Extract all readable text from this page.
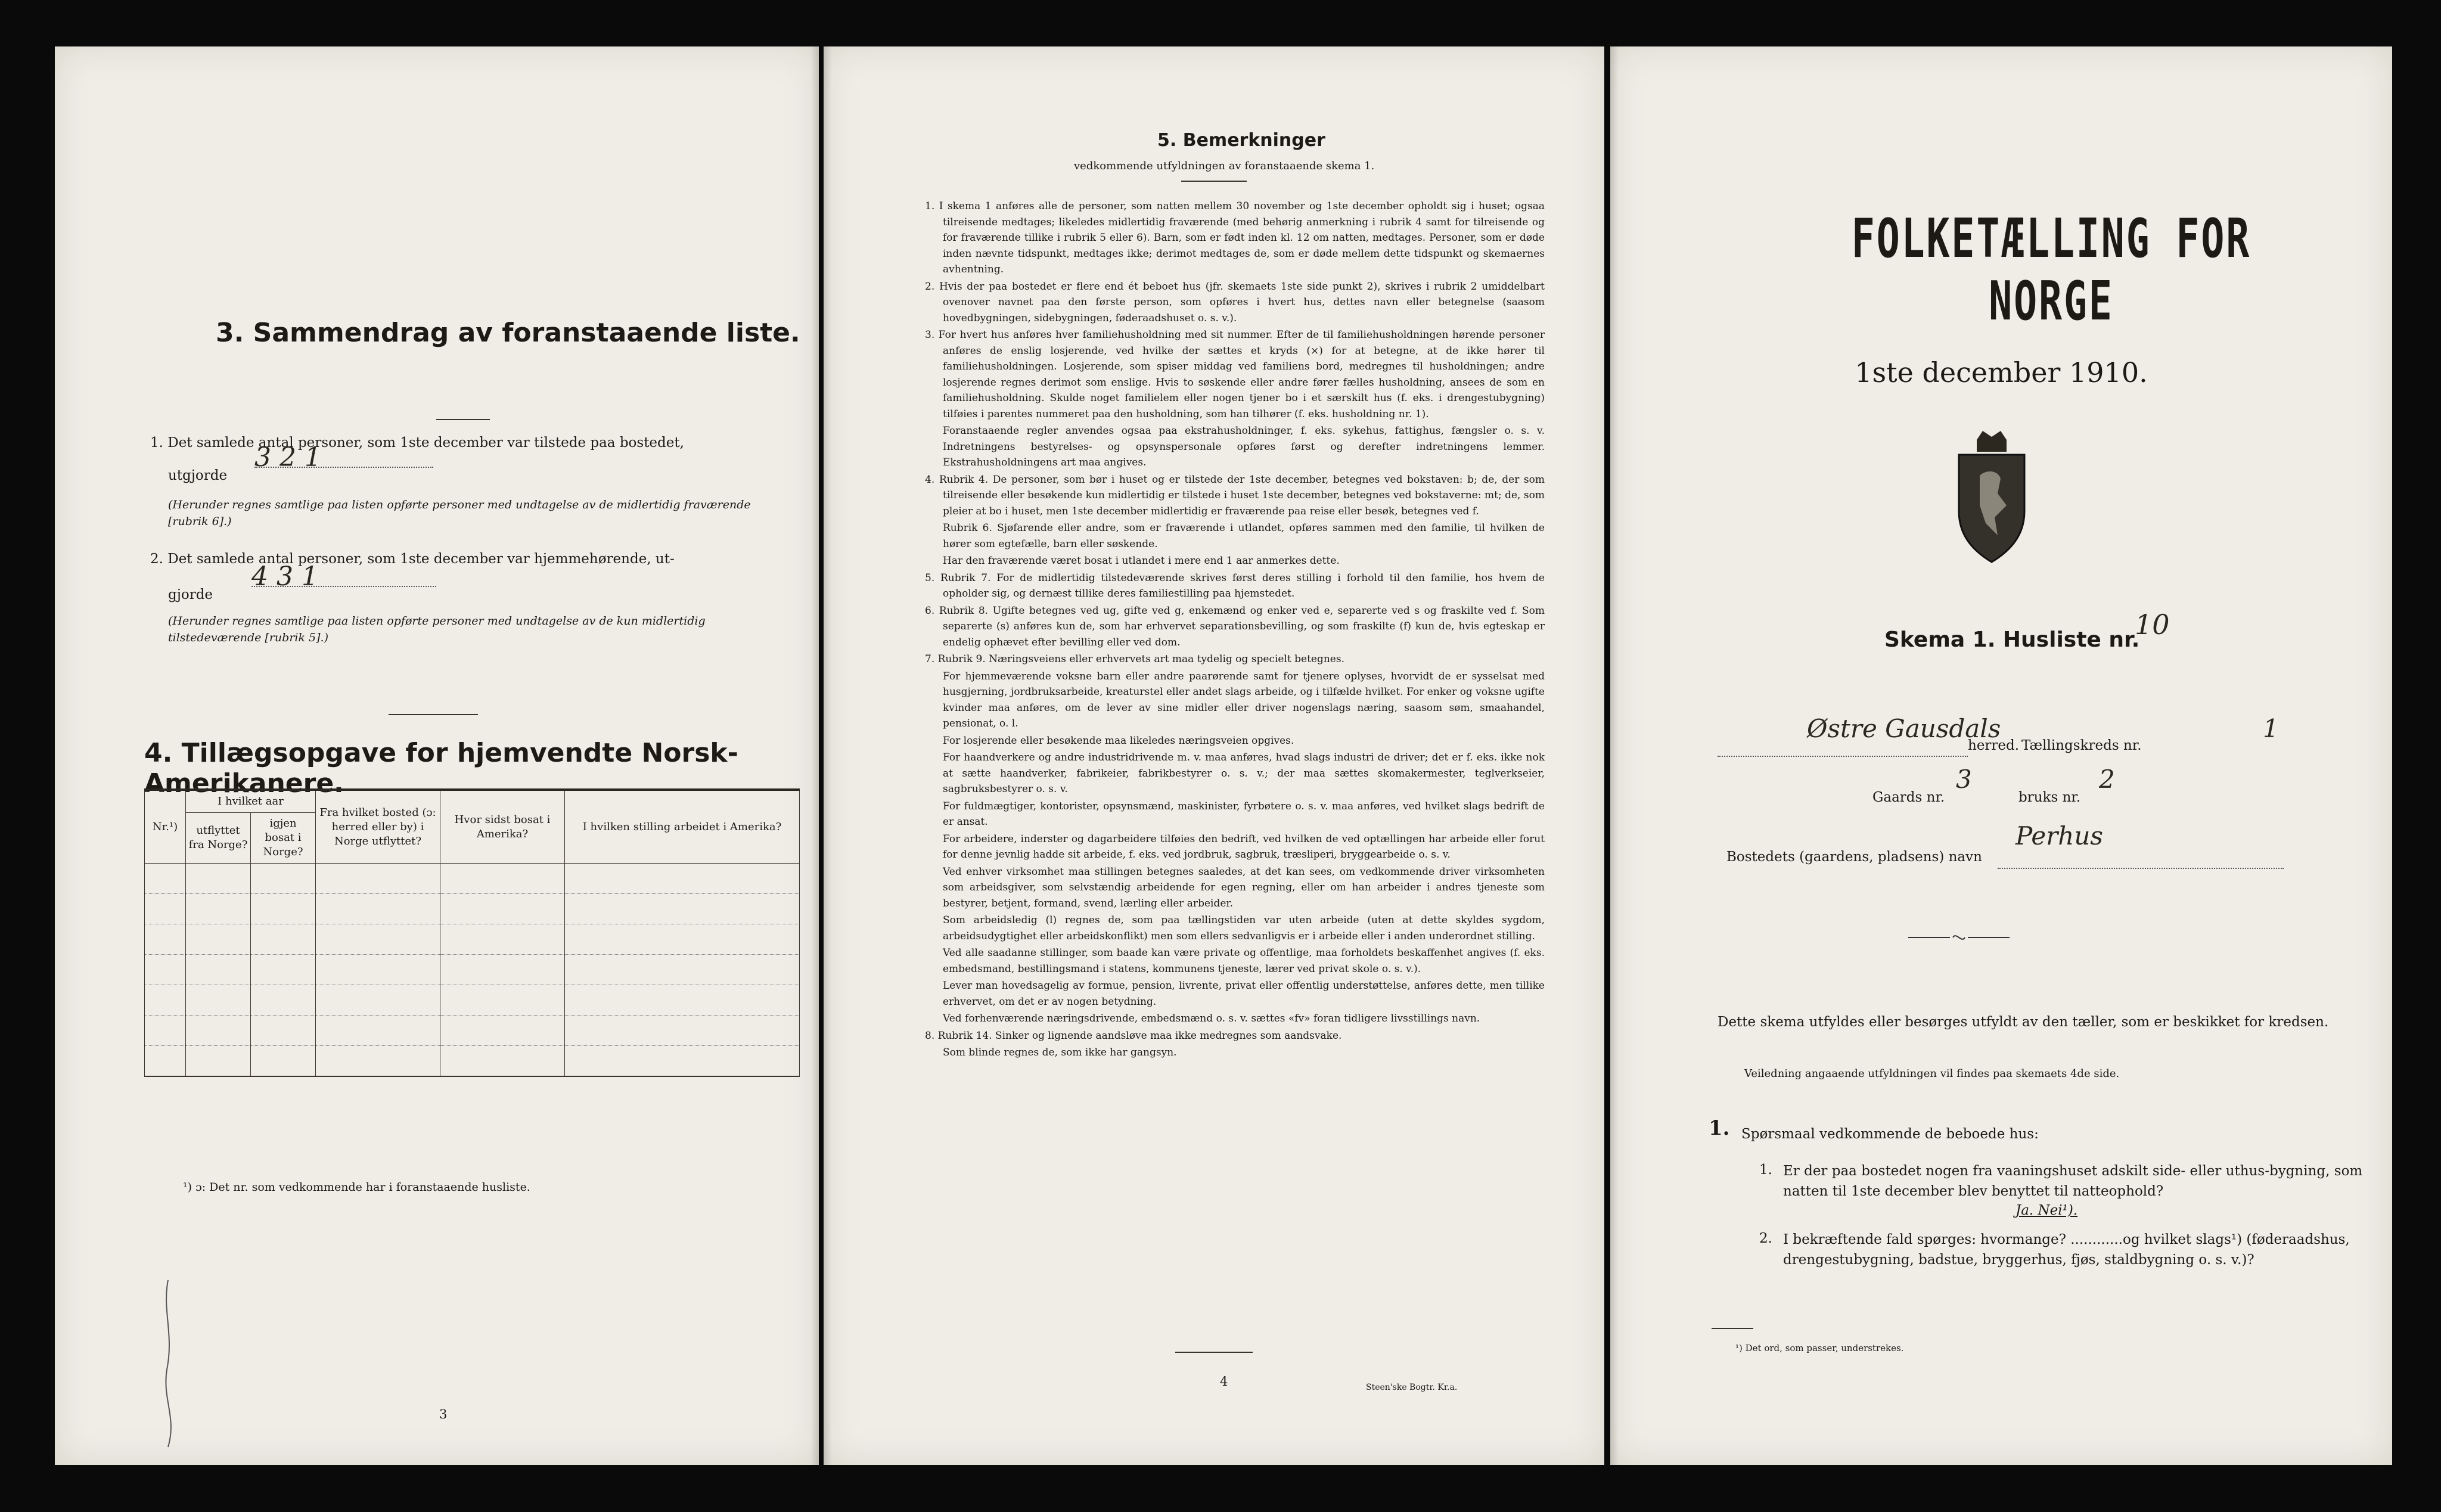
3. Sammendrag av foranstaaende liste.
1. Det samlede antal personer, som 1ste december var tilstede paa bostedet,
utgjorde
3 2 1
(Herunder regnes samtlige paa listen opførte personer med undtagelse av de midlertidig fraværende [rubrik 6].)
2. Det samlede antal personer, som 1ste december var hjemmehørende, ut-
gjorde
4 3 1
(Herunder regnes samtlige paa listen opførte personer med undtagelse av de kun midlertidig tilstedeværende [rubrik 5].)
4. Tillægsopgave for hjemvendte Norsk-Amerikanere.
Nr.¹)	I hvilket aar		Fra hvilket bosted (ɔ: herred eller by) i Norge utflyttet?	Hvor sidst bosat i Amerika?	I hvilken stilling arbeidet i Amerika?
	utflyttet fra Norge?	igjen bosat i Norge?			

¹) ɔ: Det nr. som vedkommende har i foranstaaende husliste.
3
5. Bemerkninger
vedkommende utfyldningen av foranstaaende skema 1.

1. I skema 1 anføres alle de personer, som natten mellem 30 november og 1ste december opholdt sig i huset; ogsaa tilreisende medtages; likeledes midlertidig fraværende (med behørig anmerkning i rubrik 4 samt for tilreisende og for fraværende tillike i rubrik 5 eller 6). Barn, som er født inden kl. 12 om natten, medtages. Personer, som er døde inden nævnte tidspunkt, medtages ikke; derimot medtages de, som er døde mellem dette tidspunkt og skemaernes avhentning.

2. Hvis der paa bostedet er flere end ét beboet hus (jfr. skemaets 1ste side punkt 2), skrives i rubrik 2 umiddelbart ovenover navnet paa den første person, som opføres i hvert hus, dettes navn eller betegnelse (saasom hovedbygningen, sidebygningen, føderaadshuset o. s. v.).

3. For hvert hus anføres hver familiehusholdning med sit nummer. Efter de til familiehusholdningen hørende personer anføres de enslig losjerende, ved hvilke der sættes et kryds (×) for at betegne, at de ikke hører til familiehusholdningen. Losjerende, som spiser middag ved familiens bord, medregnes til husholdningen; andre losjerende regnes derimot som enslige. Hvis to søskende eller andre fører fælles husholdning, ansees de som en familiehusholdning. Skulde noget familielem eller nogen tjener bo i et særskilt hus (f. eks. i drengestubygning) tilføies i parentes nummeret paa den husholdning, som han tilhører (f. eks. husholdning nr. 1).

Foranstaaende regler anvendes ogsaa paa ekstrahusholdninger, f. eks. sykehus, fattighus, fængsler o. s. v. Indretningens bestyrelses- og opsynspersonale opføres først og derefter indretningens lemmer. Ekstrahusholdningens art maa angives.

4. Rubrik 4. De personer, som bør i huset og er tilstede der 1ste december, betegnes ved bokstaven: b; de, der som tilreisende eller besøkende kun midlertidig er tilstede i huset 1ste december, betegnes ved bokstaverne: mt; de, som pleier at bo i huset, men 1ste december midlertidig er fraværende paa reise eller besøk, betegnes ved f.

Rubrik 6. Sjøfarende eller andre, som er fraværende i utlandet, opføres sammen med den familie, til hvilken de hører som egtefælle, barn eller søskende.

Har den fraværende været bosat i utlandet i mere end 1 aar anmerkes dette.

5. Rubrik 7. For de midlertidig tilstedeværende skrives først deres stilling i forhold til den familie, hos hvem de opholder sig, og dernæst tillike deres familiestilling paa hjemstedet.

6. Rubrik 8. Ugifte betegnes ved ug, gifte ved g, enkemænd og enker ved e, separerte ved s og fraskilte ved f. Som separerte (s) anføres kun de, som har erhvervet separationsbevilling, og som fraskilte (f) kun de, hvis egteskap er endelig ophævet efter bevilling eller ved dom.

7. Rubrik 9. Næringsveiens eller erhvervets art maa tydelig og specielt betegnes.

For hjemmeværende voksne barn eller andre paarørende samt for tjenere oplyses, hvorvidt de er sysselsat med husgjerning, jordbruksarbeide, kreaturstel eller andet slags arbeide, og i tilfælde hvilket. For enker og voksne ugifte kvinder maa anføres, om de lever av sine midler eller driver nogenslags næring, saasom søm, smaahandel, pensionat, o. l.

For losjerende eller besøkende maa likeledes næringsveien opgives.

For haandverkere og andre industridrivende m. v. maa anføres, hvad slags industri de driver; det er f. eks. ikke nok at sætte haandverker, fabrikeier, fabrikbestyrer o. s. v.; der maa sættes skomakermester, teglverkseier, sagbruksbestyrer o. s. v.

For fuldmægtiger, kontorister, opsynsmænd, maskinister, fyrbøtere o. s. v. maa anføres, ved hvilket slags bedrift de er ansat.

For arbeidere, inderster og dagarbeidere tilføies den bedrift, ved hvilken de ved optællingen har arbeide eller forut for denne jevnlig hadde sit arbeide, f. eks. ved jordbruk, sagbruk, træsliperi, bryggearbeide o. s. v.

Ved enhver virksomhet maa stillingen betegnes saaledes, at det kan sees, om vedkommende driver virksomheten som arbeidsgiver, som selvstændig arbeidende for egen regning, eller om han arbeider i andres tjeneste som bestyrer, betjent, formand, svend, lærling eller arbeider.

Som arbeidsledig (l) regnes de, som paa tællingstiden var uten arbeide (uten at dette skyldes sygdom, arbeidsudygtighet eller arbeidskonflikt) men som ellers sedvanligvis er i arbeide eller i anden underordnet stilling.

Ved alle saadanne stillinger, som baade kan være private og offentlige, maa forholdets beskaffenhet angives (f. eks. embedsmand, bestillingsmand i statens, kommunens tjeneste, lærer ved privat skole o. s. v.).

Lever man hovedsagelig av formue, pension, livrente, privat eller offentlig understøttelse, anføres dette, men tillike erhvervet, om det er av nogen betydning.

Ved forhenværende næringsdrivende, embedsmænd o. s. v. sættes «fv» foran tidligere livsstillings navn.

8. Rubrik 14. Sinker og lignende aandsløve maa ikke medregnes som aandsvake.

Som blinde regnes de, som ikke har gangsyn.

4	Steen'ske Bogtr. Kr.a.
FOLKETÆLLING FOR NORGE
1ste december 1910.
Skema 1. Husliste nr.
10
Østre Gausdals
herred. Tællingskreds nr.
1
Gaards nr.
3
bruks nr.
2
Bostedets (gaardens, pladsens) navn
Perhus
Dette skema utfyldes eller besørges utfyldt av den tæller, som er beskikket for kredsen.
Veiledning angaaende utfyldningen vil findes paa skemaets 4de side.
1. Spørsmaal vedkommende de beboede hus:
1. Er der paa bostedet nogen fra vaaningshuset adskilt side- eller uthus-bygning, som natten til 1ste december blev benyttet til natteophold?
Ja. Nei¹).
2. I bekræftende fald spørges: hvormange? ............og hvilket slags¹) (føderaadshus, drengestubygning, badstue, bryggerhus, fjøs, staldbygning o. s. v.)?
¹) Det ord, som passer, understrekes.
